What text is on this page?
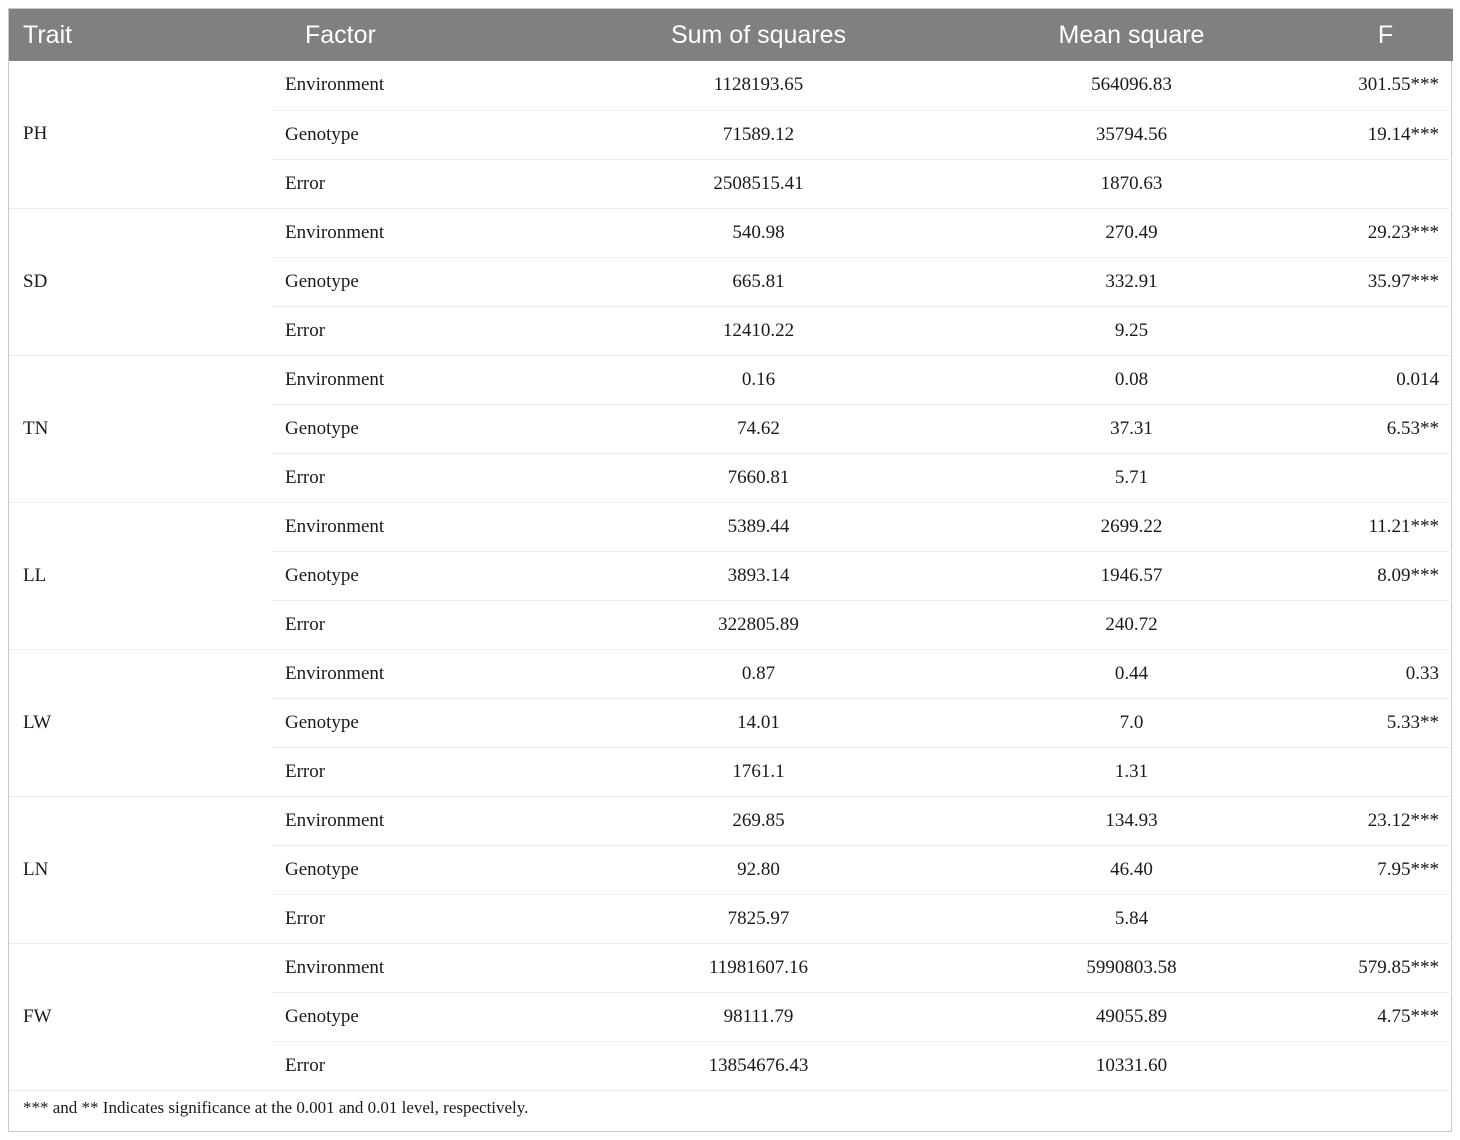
Trait	Factor	Sum of squares	Mean square	F
PH	Environment	1128193.65	564096.83	301.55***
	Genotype	71589.12	35794.56	19.14***
	Error	2508515.41	1870.63	
SD	Environment	540.98	270.49	29.23***
	Genotype	665.81	332.91	35.97***
	Error	12410.22	9.25	
TN	Environment	0.16	0.08	0.014
	Genotype	74.62	37.31	6.53**
	Error	7660.81	5.71	
LL	Environment	5389.44	2699.22	11.21***
	Genotype	3893.14	1946.57	8.09***
	Error	322805.89	240.72	
LW	Environment	0.87	0.44	0.33
	Genotype	14.01	7.0	5.33**
	Error	1761.1	1.31	
LN	Environment	269.85	134.93	23.12***
	Genotype	92.80	46.40	7.95***
	Error	7825.97	5.84	
FW	Environment	11981607.16	5990803.58	579.85***
	Genotype	98111.79	49055.89	4.75***
	Error	13854676.43	10331.60	
*** and ** Indicates significance at the 0.001 and 0.01 level, respectively.
